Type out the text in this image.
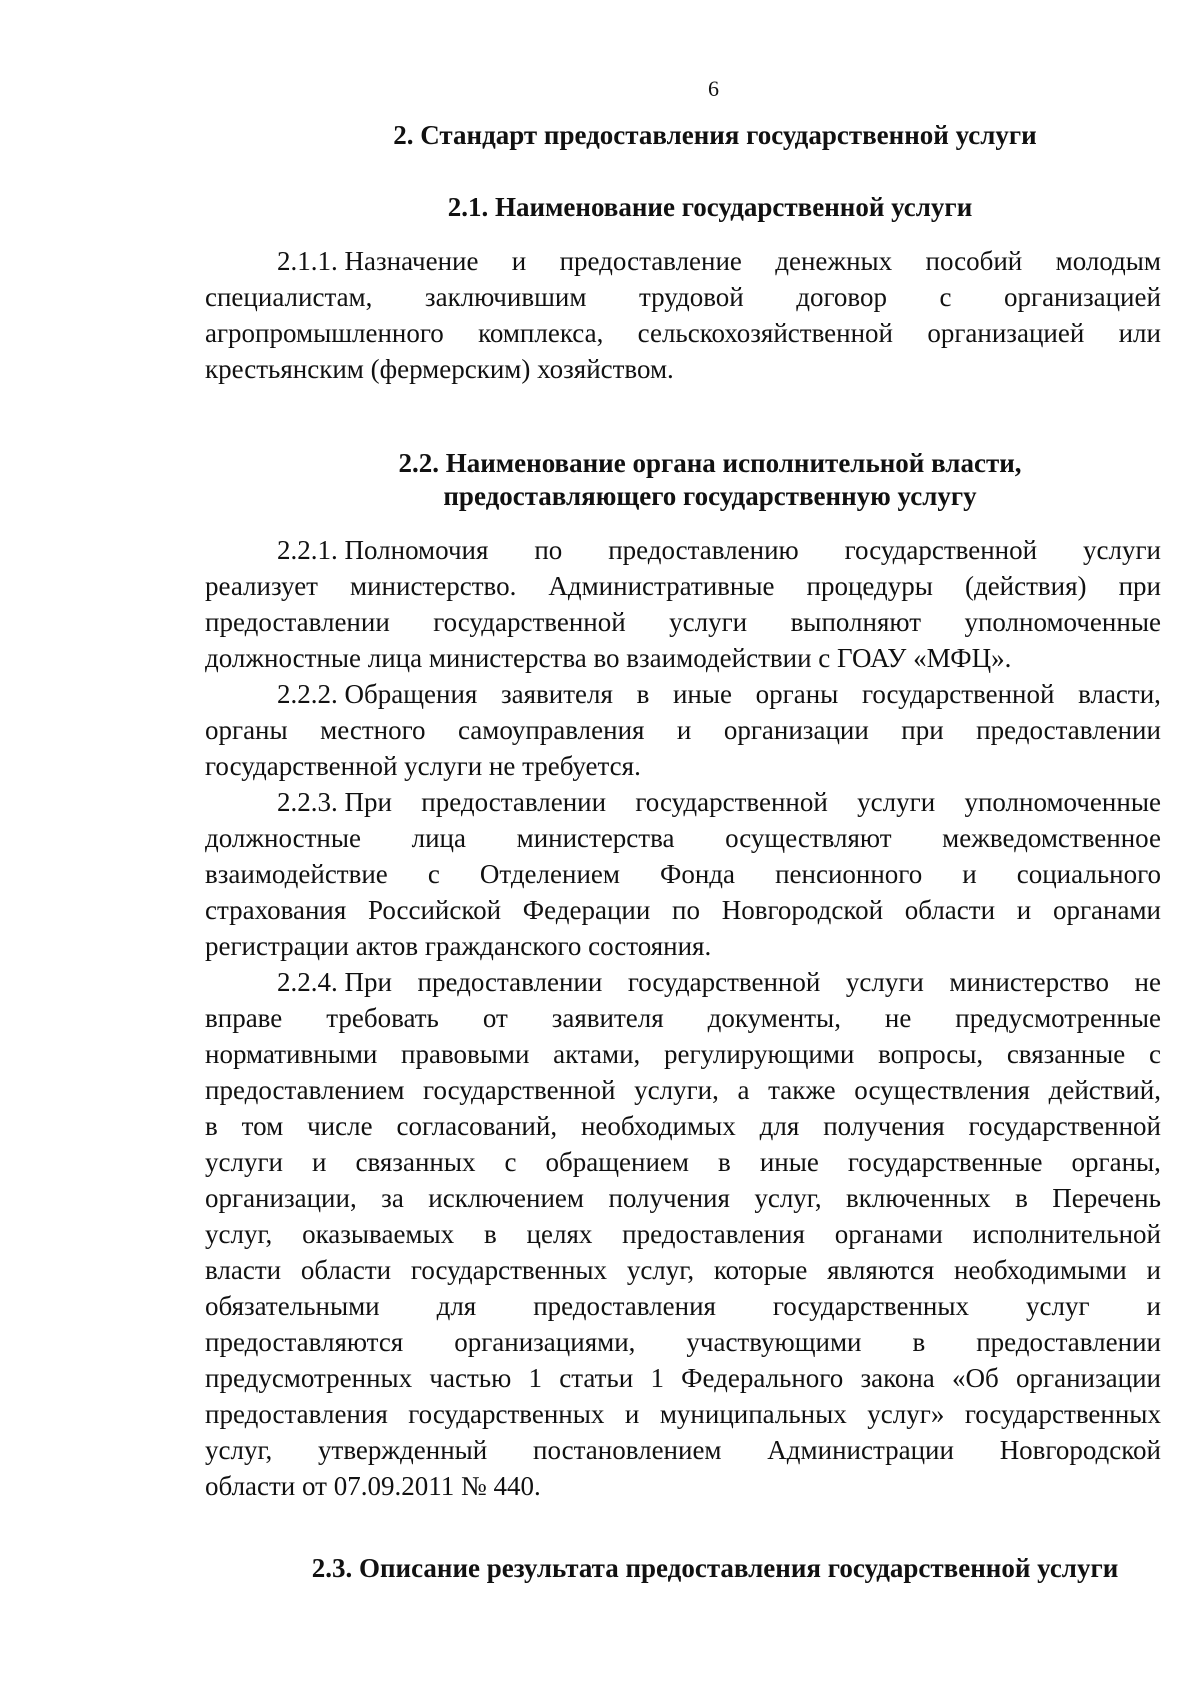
6
2. Стандарт предоставления государственной услуги
2.1. Наименование государственной услуги
2.1.1. Назначение и предоставление денежных пособий молодым
специалистам, заключившим трудовой договор с организацией
агропромышленного комплекса, сельскохозяйственной организацией или
крестьянским (фермерским) хозяйством.
2.2. Наименование органа исполнительной власти,
предоставляющего государственную услугу
2.2.1. Полномочия по предоставлению государственной услуги
реализует министерство. Административные процедуры (действия) при
предоставлении государственной услуги выполняют уполномоченные
должностные лица министерства во взаимодействии с ГОАУ «МФЦ».
2.2.2. Обращения заявителя в иные органы государственной власти,
органы местного самоуправления и организации при предоставлении
государственной услуги не требуется.
2.2.3. При предоставлении государственной услуги уполномоченные
должностные лица министерства осуществляют межведомственное
взаимодействие с Отделением Фонда пенсионного и социального
страхования Российской Федерации по Новгородской области и органами
регистрации актов гражданского состояния.
2.2.4. При предоставлении государственной услуги министерство не
вправе требовать от заявителя документы, не предусмотренные
нормативными правовыми актами, регулирующими вопросы, связанные с
предоставлением государственной услуги, а также осуществления действий,
в том числе согласований, необходимых для получения государственной
услуги и связанных с обращением в иные государственные органы,
организации, за исключением получения услуг, включенных в Перечень
услуг, оказываемых в целях предоставления органами исполнительной
власти области государственных услуг, которые являются необходимыми и
обязательными для предоставления государственных услуг и
предоставляются организациями, участвующими в предоставлении
предусмотренных частью 1 статьи 1 Федерального закона «Об организации
предоставления государственных и муниципальных услуг» государственных
услуг, утвержденный постановлением Администрации Новгородской
области от 07.09.2011 № 440.
2.3. Описание результата предоставления государственной услуги
